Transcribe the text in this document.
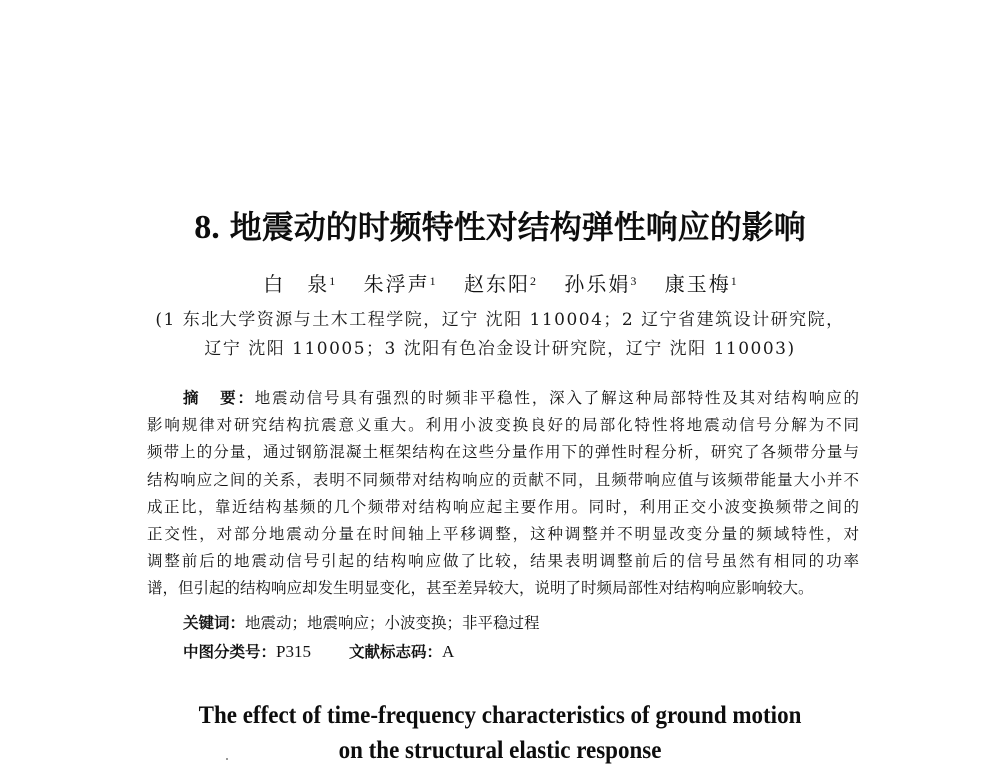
8. 地震动的时频特性对结构弹性响应的影响
白 泉$^1$ 朱浮声$^1$ 赵东阳$^2$ 孙乐娟$^3$ 康玉梅$^1$
(1 东北大学资源与土木工程学院，辽宁 沈阳 110004；2 辽宁省建筑设计研究院，
辽宁 沈阳 110005；3 沈阳有色冶金设计研究院，辽宁 沈阳 110003)
摘 要：地震动信号具有强烈的时频非平稳性，深入了解这种局部特性及其对结构响应的
影响规律对研究结构抗震意义重大。利用小波变换良好的局部化特性将地震动信号分解为不同
频带上的分量，通过钢筋混凝土框架结构在这些分量作用下的弹性时程分析，研究了各频带分量与
结构响应之间的关系，表明不同频带对结构响应的贡献不同，且频带响应值与该频带能量大小并不
成正比，靠近结构基频的几个频带对结构响应起主要作用。同时，利用正交小波变换频带之间的
正交性，对部分地震动分量在时间轴上平移调整，这种调整并不明显改变分量的频域特性，对
调整前后的地震动信号引起的结构响应做了比较，结果表明调整前后的信号虽然有相同的功率
谱，但引起的结构响应却发生明显变化，甚至差异较大，说明了时频局部性对结构响应影响较大。
关键词：地震动；地震响应；小波变换；非平稳过程
中图分类号：P315 文献标志码：A
The effect of time-frequency characteristics of ground motion
on the structural elastic response
